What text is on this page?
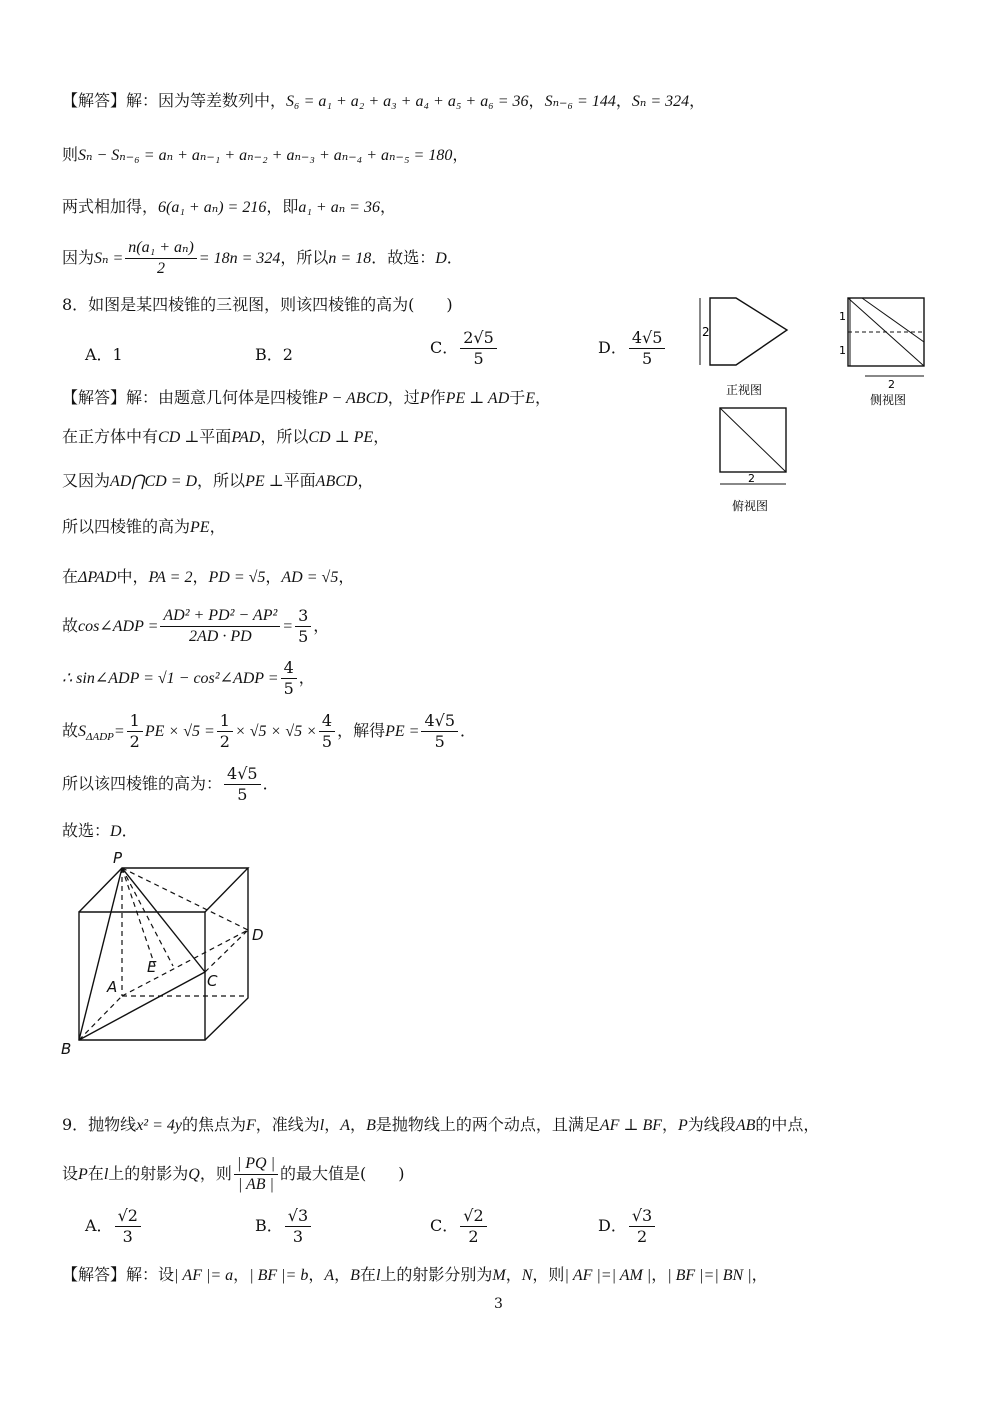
【解答】解：因为等差数列中，S₆ = a₁ + a₂ + a₃ + a₄ + a₅ + a₆ = 36，Sₙ₋₆ = 144，Sₙ = 324，
则Sₙ − Sₙ₋₆ = aₙ + aₙ₋₁ + aₙ₋₂ + aₙ₋₃ + aₙ₋₄ + aₙ₋₅ = 180，
两式相加得，6(a₁ + aₙ) = 216，即a₁ + aₙ = 36，
因为$S_n = \frac{\text{n(a₁ + aₙ)}}{2} = 18n = 324$，所以n = 18．故选：D．
8．如图是某四棱锥的三视图，则该四棱锥的高为(　　)
A．1	B．2	C． $\frac{2√5}{5}$	D． $\frac{4√5}{5}$
【解答】解：由题意几何体是四棱锥P − ABCD，过P作PE ⊥ AD于E，
在正方体中有CD ⊥平面PAD，所以CD ⊥ PE，
又因为AD⋂CD = D，所以PE ⊥平面ABCD，
所以四棱锥的高为PE，
在ΔPAD中，PA = 2，PD = √5，AD = √5，
故cos∠ADP = $\frac{\text{AD² + PD² − AP²}}{2AD \cdot PD} = \frac{3}{5}$ ，
∴ sin∠ADP = √1 − cos²∠ADP = $\frac{4}{5}$ ，
故$S_{\Delta ADP}= \frac{1}{2}$ PE × $√5 = \frac{1}{2} \times √5 \times √5 \times \frac{4}{5}$ ，解得PE = $\frac{4√5}{5}$ ．
所以该四棱锥的高为： $\frac{4√5}{5}$ ．
故选：D．
2
正视图
1
1
2
侧视图
2
俯视图
P
D
E
A	C
B
9．抛物线x² = 4y的焦点为F，准线为l，A，B是抛物线上的两个动点，且满足AF ⊥ BF，P为线段AB的中点，
设P在l上的射影为Q，则 $\frac{| PQ |}{| AB |}$ 的最大值是(　　)
A． $\frac{√2}{3}$	B． $\frac{√3}{3}$	C． $\frac{√2}{2}$	D． $\frac{√3}{2}$
【解答】解：设| AF |= a，| BF |= b，A，B在l上的射影分别为M，N，则| AF |=| AM |，| BF |=| BN |，
3
